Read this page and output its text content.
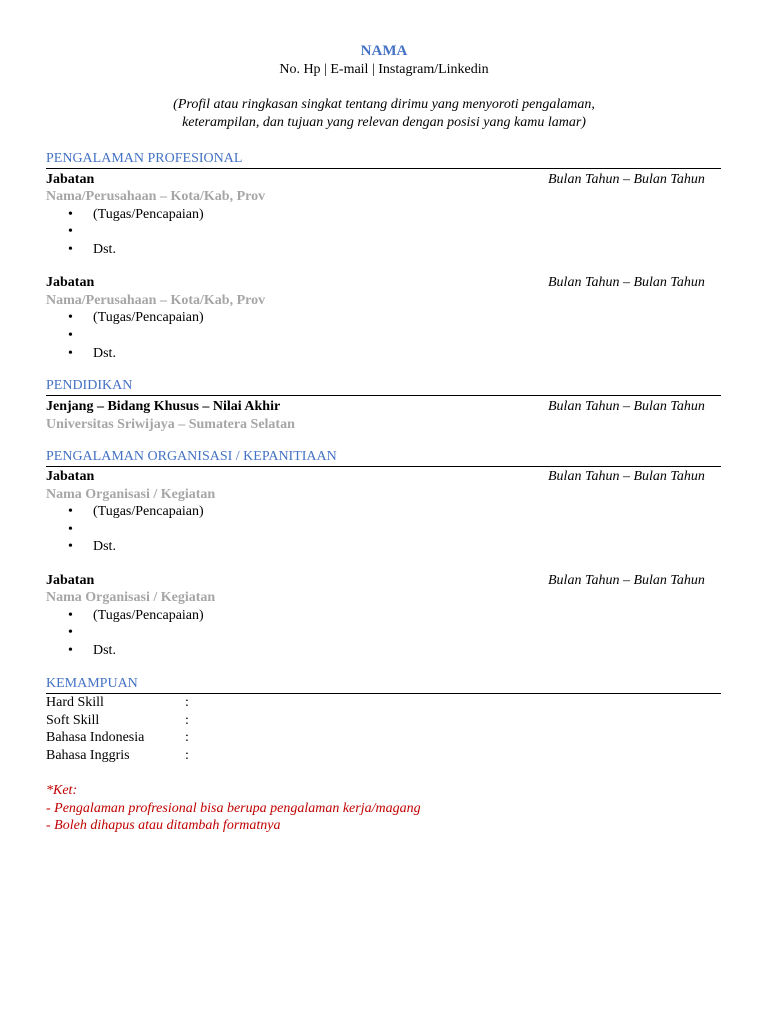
NAMA
No. Hp | E-mail | Instagram/Linkedin
(Profil atau ringkasan singkat tentang dirimu yang menyoroti pengalaman,
keterampilan, dan tujuan yang relevan dengan posisi yang kamu lamar)
PENGALAMAN PROFESIONAL
Jabatan	Bulan Tahun – Bulan Tahun
Nama/Perusahaan – Kota/Kab, Prov
• (Tugas/Pencapaian)
•
• Dst.
Jabatan	Bulan Tahun – Bulan Tahun
Nama/Perusahaan – Kota/Kab, Prov
• (Tugas/Pencapaian)
•
• Dst.
PENDIDIKAN
Jenjang – Bidang Khusus – Nilai Akhir	Bulan Tahun – Bulan Tahun
Universitas Sriwijaya – Sumatera Selatan
PENGALAMAN ORGANISASI / KEPANITIAAN
Jabatan	Bulan Tahun – Bulan Tahun
Nama Organisasi / Kegiatan
• (Tugas/Pencapaian)
•
• Dst.
Jabatan	Bulan Tahun – Bulan Tahun
Nama Organisasi / Kegiatan
• (Tugas/Pencapaian)
•
• Dst.
KEMAMPUAN
Hard Skill	:
Soft Skill	:
Bahasa Indonesia	:
Bahasa Inggris	:
*Ket:
- Pengalaman profresional bisa berupa pengalaman kerja/magang
- Boleh dihapus atau ditambah formatnya
